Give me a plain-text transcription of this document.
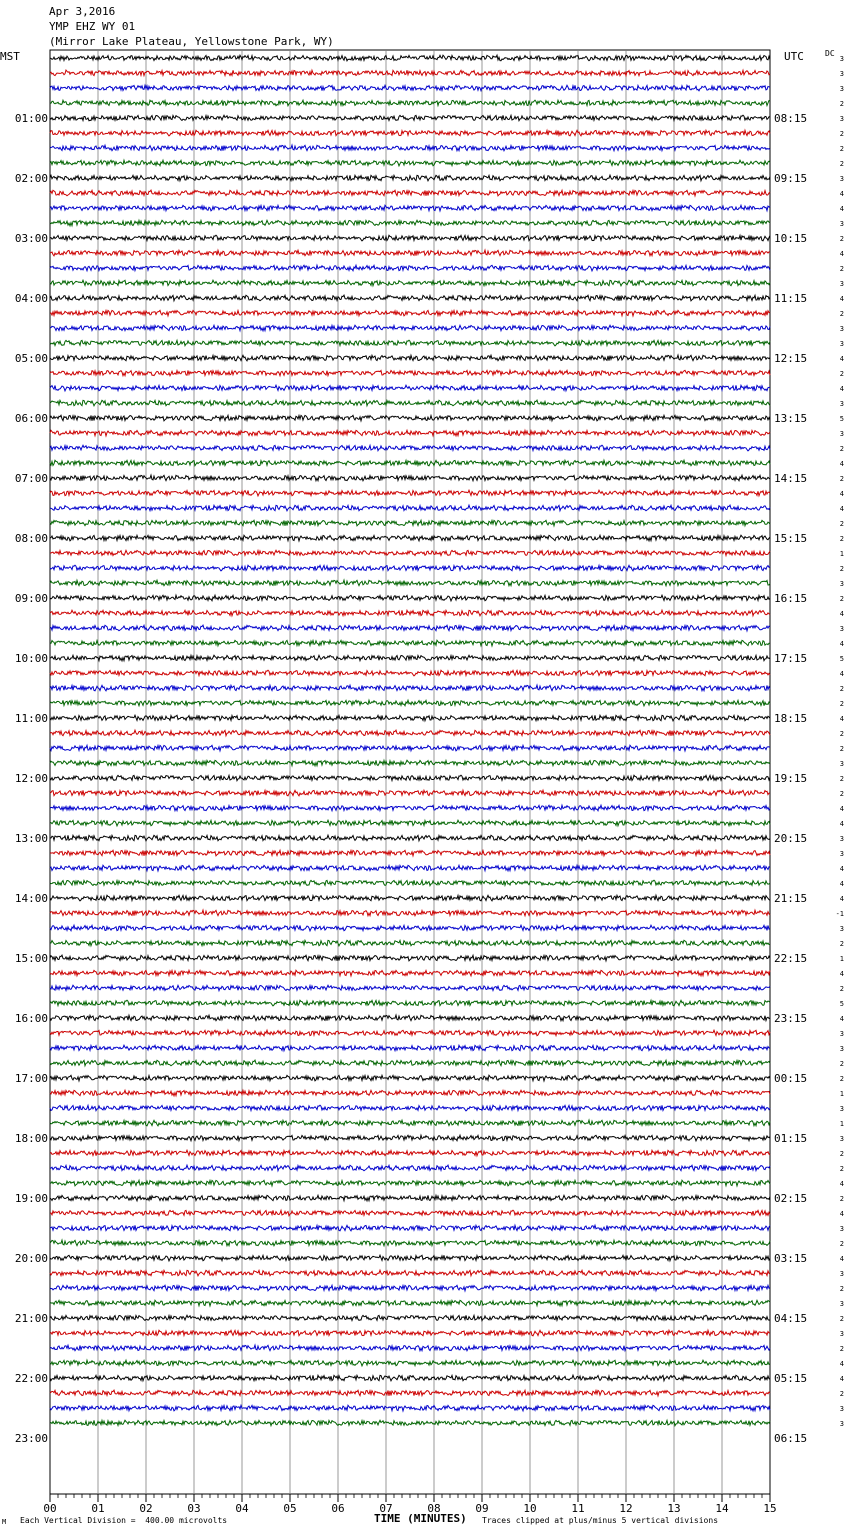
Apr 3,2016
YMP EHZ WY 01
(Mirror Lake Plateau, Yellowstone Park, WY)
MST	UTC	DC
01:00
02:00
03:00
04:00
05:00
06:00
07:00
08:00
09:00
10:00
11:00
12:00
13:00
14:00
15:00
16:00
17:00
18:00
19:00
20:00
21:00
22:00
23:00
08:15
09:15
10:15
11:15
12:15
13:15
14:15
15:15
16:15
17:15
18:15
19:15
20:15
21:15
22:15
23:15
00:15
01:15
02:15
03:15
04:15
05:15
06:15
3
3
3
2
3
2
2
2
3
4
4
3
2
4
2
3
4
2
3
3
4
2
4
3
5
3
2
4
2
4
4
2
2
1
2
3
2
4
3
4
5
4
2
2
4
2
2
3
2
2
4
4
3
3
4
4
4
-1
3
2
1
4
2
5
4
3
3
2
2
1
3
1
3
2
2
4
2
4
3
2
4
3
2
3
2
3
2
4
4
2
3
3
00	01	02	03	04	05	06	07	08	09	10	11	12	13	14	15
TIME (MINUTES)
M Each Vertical Division =  400.00 microvolts	Traces clipped at plus/minus 5 vertical divisions
